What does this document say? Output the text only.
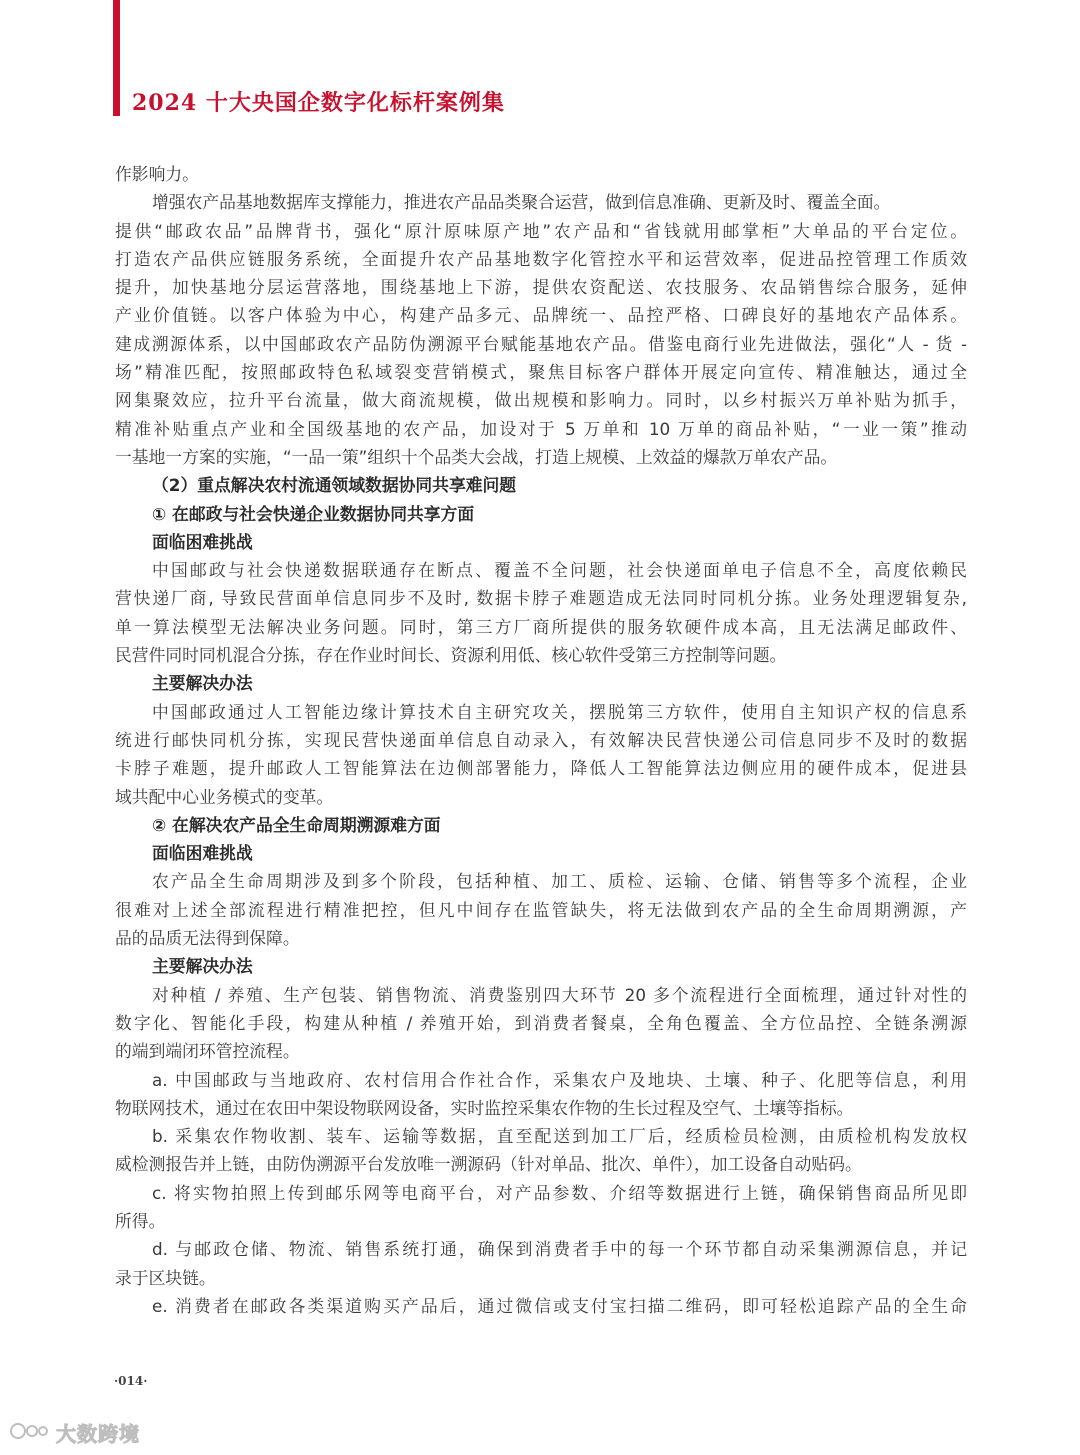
2024 十大央国企数字化标杆案例集
作影响力。
增强农产品基地数据库支撑能力，推进农产品品类聚合运营，做到信息准确、更新及时、覆盖全面。
提供“邮政农品”品牌背书，强化“原汁原味原产地”农产品和“省钱就用邮掌柜”大单品的平台定位。
打造农产品供应链服务系统，全面提升农产品基地数字化管控水平和运营效率，促进品控管理工作质效
提升，加快基地分层运营落地，围绕基地上下游，提供农资配送、农技服务、农品销售综合服务，延伸
产业价值链。以客户体验为中心，构建产品多元、品牌统一、品控严格、口碑良好的基地农产品体系。
建成溯源体系，以中国邮政农产品防伪溯源平台赋能基地农产品。借鉴电商行业先进做法，强化“人 - 货 -
场”精准匹配，按照邮政特色私域裂变营销模式，聚焦目标客户群体开展定向宣传、精准触达，通过全
网集聚效应，拉升平台流量，做大商流规模，做出规模和影响力。同时，以乡村振兴万单补贴为抓手，
精准补贴重点产业和全国级基地的农产品，加设对于 5 万单和 10 万单的商品补贴，“一业一策”推动
一基地一方案的实施，“一品一策”组织十个品类大会战，打造上规模、上效益的爆款万单农产品。
（2）重点解决农村流通领域数据协同共享难问题
① 在邮政与社会快递企业数据协同共享方面
面临困难挑战
中国邮政与社会快递数据联通存在断点、覆盖不全问题，社会快递面单电子信息不全，高度依赖民
营快递厂商, 导致民营面单信息同步不及时, 数据卡脖子难题造成无法同时同机分拣。业务处理逻辑复杂,
单一算法模型无法解决业务问题。同时，第三方厂商所提供的服务软硬件成本高，且无法满足邮政件、
民营件同时同机混合分拣，存在作业时间长、资源利用低、核心软件受第三方控制等问题。
主要解决办法
中国邮政通过人工智能边缘计算技术自主研究攻关，摆脱第三方软件，使用自主知识产权的信息系
统进行邮快同机分拣，实现民营快递面单信息自动录入，有效解决民营快递公司信息同步不及时的数据
卡脖子难题，提升邮政人工智能算法在边侧部署能力，降低人工智能算法边侧应用的硬件成本，促进县
域共配中心业务模式的变革。
② 在解决农产品全生命周期溯源难方面
面临困难挑战
农产品全生命周期涉及到多个阶段，包括种植、加工、质检、运输、仓储、销售等多个流程，企业
很难对上述全部流程进行精准把控，但凡中间存在监管缺失，将无法做到农产品的全生命周期溯源，产
品的品质无法得到保障。
主要解决办法
对种植 / 养殖、生产包装、销售物流、消费鉴别四大环节 20 多个流程进行全面梳理，通过针对性的
数字化、智能化手段，构建从种植 / 养殖开始，到消费者餐桌，全角色覆盖、全方位品控、全链条溯源
的端到端闭环管控流程。
a. 中国邮政与当地政府、农村信用合作社合作，采集农户及地块、土壤、种子、化肥等信息，利用
物联网技术，通过在农田中架设物联网设备，实时监控采集农作物的生长过程及空气、土壤等指标。
b. 采集农作物收割、装车、运输等数据，直至配送到加工厂后，经质检员检测，由质检机构发放权
威检测报告并上链，由防伪溯源平台发放唯一溯源码（针对单品、批次、单件），加工设备自动贴码。
c. 将实物拍照上传到邮乐网等电商平台，对产品参数、介绍等数据进行上链，确保销售商品所见即
所得。
d. 与邮政仓储、物流、销售系统打通，确保到消费者手中的每一个环节都自动采集溯源信息，并记
录于区块链。
e. 消费者在邮政各类渠道购买产品后，通过微信或支付宝扫描二维码，即可轻松追踪产品的全生命
·014·
大数跨境
